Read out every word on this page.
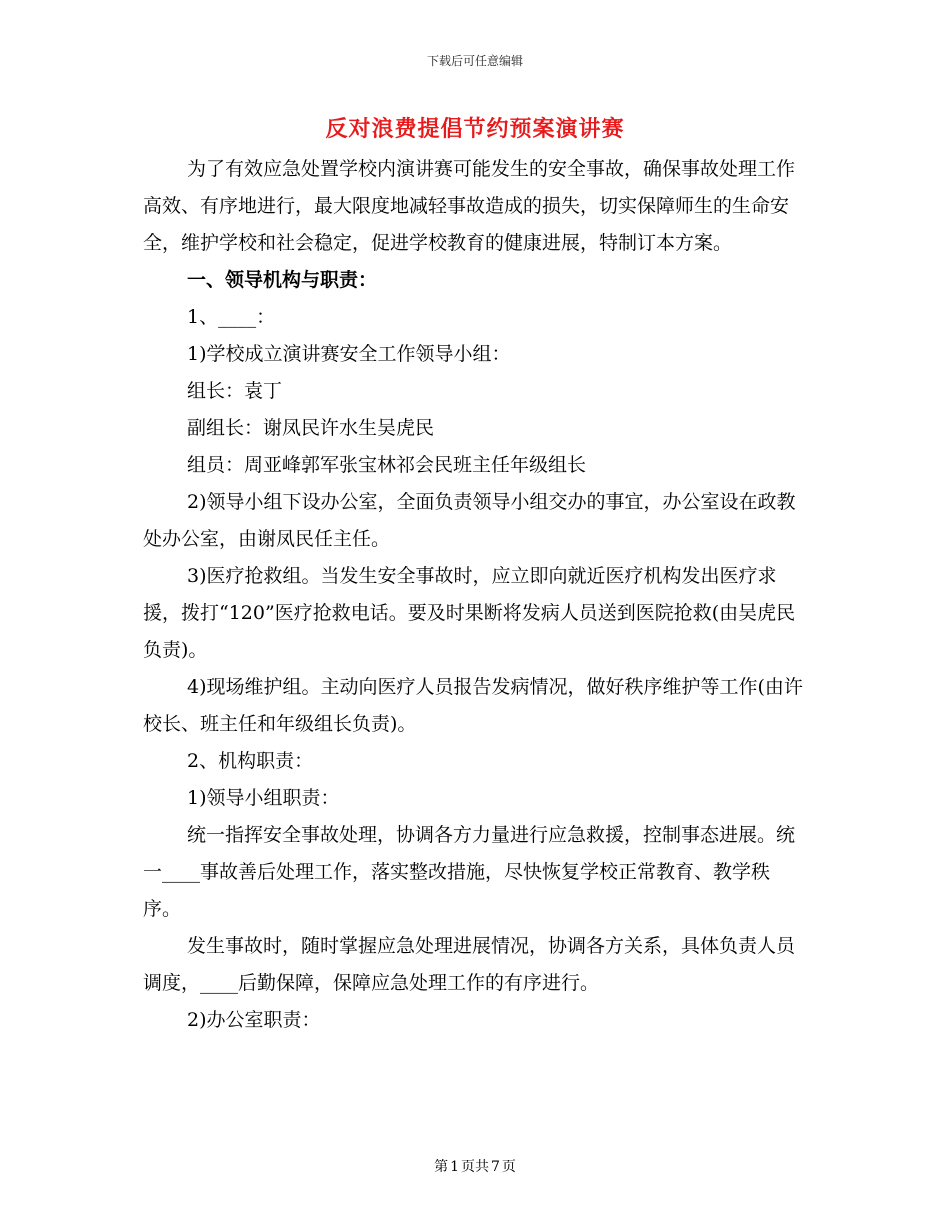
下载后可任意编辑
反对浪费提倡节约预案演讲赛

为了有效应急处置学校内演讲赛可能发生的安全事故，确保事故处理工作高效、有序地进行，最大限度地减轻事故造成的损失，切实保障师生的生命安全，维护学校和社会稳定，促进学校教育的健康进展，特制订本方案。

一、领导机构与职责：

1、____：

1)学校成立演讲赛安全工作领导小组：

组长：袁丁

副组长：谢凤民许水生吴虎民

组员：周亚峰郭军张宝林祁会民班主任年级组长

2)领导小组下设办公室，全面负责领导小组交办的事宜，办公室设在政教处办公室，由谢凤民任主任。

3)医疗抢救组。当发生安全事故时，应立即向就近医疗机构发出医疗求援，拨打“120”医疗抢救电话。要及时果断将发病人员送到医院抢救(由吴虎民负责)。

4)现场维护组。主动向医疗人员报告发病情况，做好秩序维护等工作(由许校长、班主任和年级组长负责)。

2、机构职责：

1)领导小组职责：

统一指挥安全事故处理，协调各方力量进行应急救援，控制事态进展。统一____事故善后处理工作，落实整改措施，尽快恢复学校正常教育、教学秩序。

发生事故时，随时掌握应急处理进展情况，协调各方关系，具体负责人员调度，____后勤保障，保障应急处理工作的有序进行。

2)办公室职责：

第 1 页共 7 页
